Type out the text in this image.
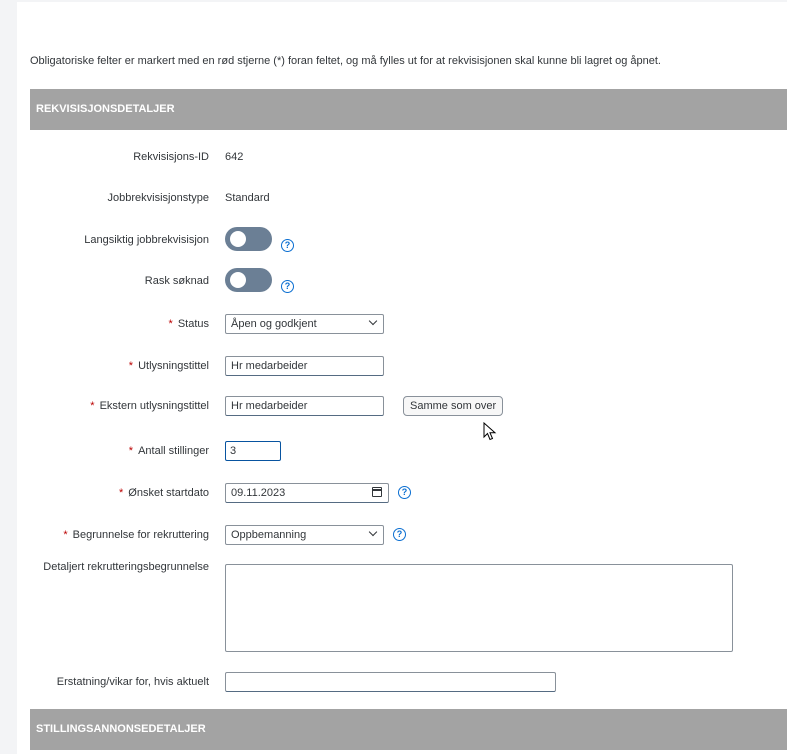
Obligatoriske felter er markert med en rød stjerne (*) foran feltet, og må fylles ut for at rekvisisjonen skal kunne bli lagret og åpnet.
REKVISISJONSDETALJER
Rekvisisjons-ID 642
Jobbrekvisisjonstype Standard
Langsiktig jobbrekvisisjon	?
Rask søknad	?
* Status	Åpen og godkjent
* Utlysningstittel	Hr medarbeider
* Ekstern utlysningstittel	Hr medarbeider	Samme som over
* Antall stillinger	3
* Ønsket startdato	09.11.2023	?
* Begrunnelse for rekruttering	Oppbemanning	?
Detaljert rekrutteringsbegrunnelse
Erstatning/vikar for, hvis aktuelt
STILLINGSANNONSEDETALJER
